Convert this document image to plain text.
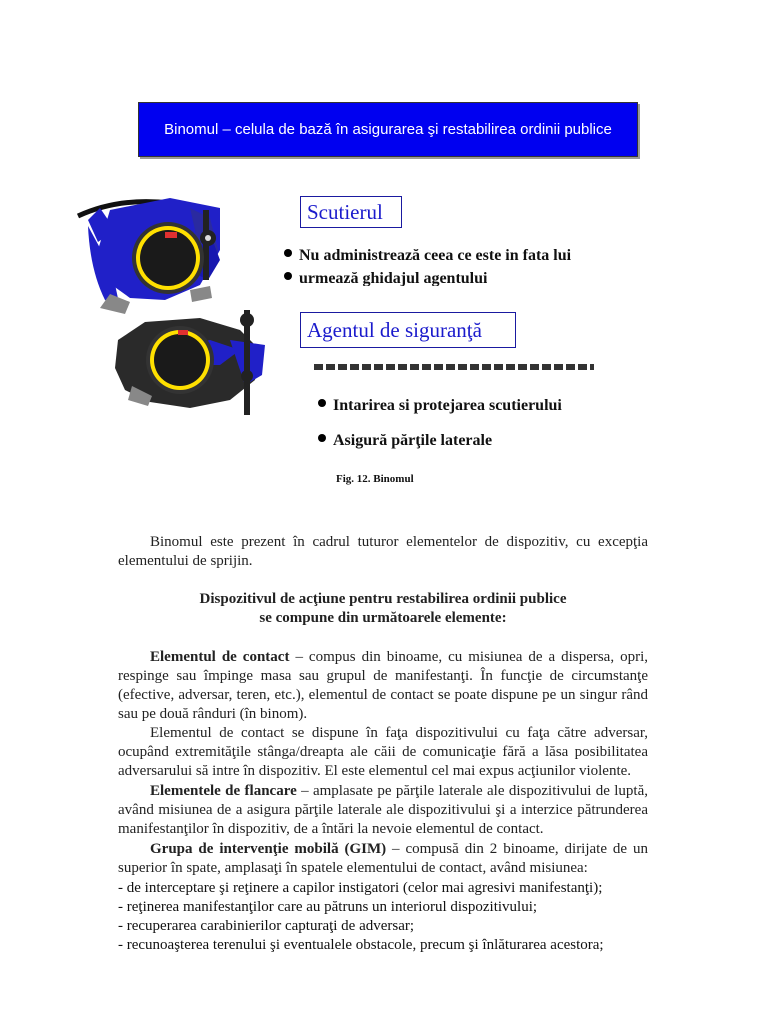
Binomul – celula de bază în asigurarea şi restabilirea ordinii publice
Scutierul
Nu administrează ceea ce este in fata lui
urmează ghidajul agentului
Agentul de siguranţă
Intarirea si protejarea scutierului
Asigură părţile laterale
Fig. 12. Binomul
Binomul este prezent în cadrul tuturor elementelor de dispozitiv, cu excepţia elementului de sprijin.
Dispozitivul de acţiune pentru restabilirea ordinii publice
se compune din următoarele elemente:
Elementul de contact – compus din binoame, cu misiunea de a dispersa, opri, respinge sau împinge masa sau grupul de manifestanţi. În funcţie de circumstanţe (efective, adversar, teren, etc.), elementul de contact se poate dispune pe un singur rând sau pe două rânduri (în binom).
Elementul de contact se dispune în faţa dispozitivului cu faţa către adversar, ocupând extremităţile stânga/dreapta ale căii de comunicaţie fără a lăsa posibilitatea adversarului să intre în dispozitiv. El este elementul cel mai expus acţiunilor violente.
Elementele de flancare – amplasate pe părţile laterale ale dispozitivului de luptă, având misiunea de a asigura părţile laterale ale dispozitivului şi a interzice pătrunderea manifestanţilor în dispozitiv, de a întări la nevoie elementul de contact.
Grupa de intervenţie mobilă (GIM) – compusă din 2 binoame, dirijate de un superior în spate, amplasaţi în spatele elementului de contact, având misiunea:
- de interceptare şi reţinere a capilor instigatori (celor mai agresivi manifestanţi);
- reţinerea manifestanţilor care au pătruns un interiorul dispozitivului;
- recuperarea carabinierilor capturaţi de adversar;
- recunoaşterea terenului şi eventualele obstacole, precum şi înlăturarea acestora;
